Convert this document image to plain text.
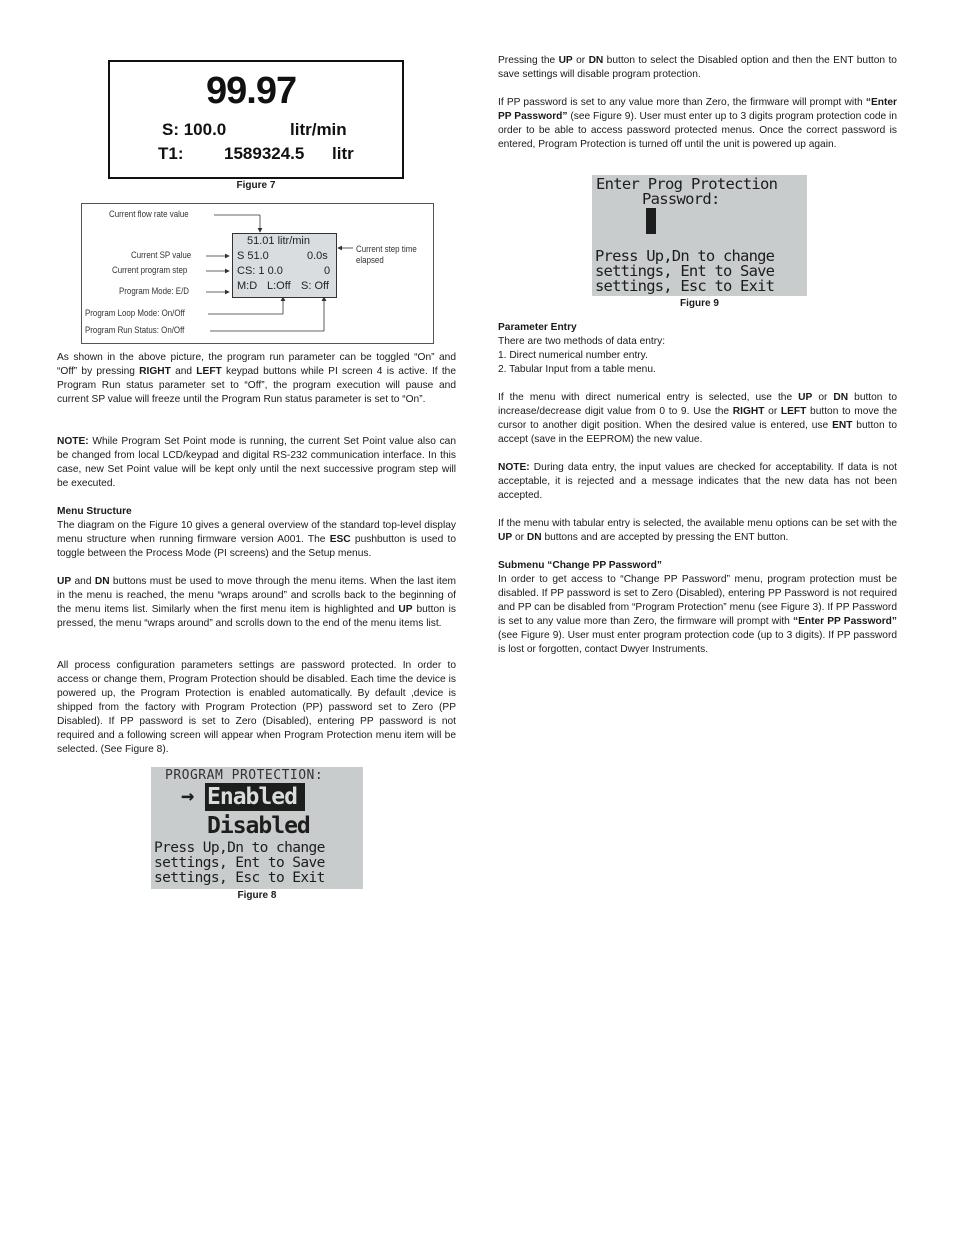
99.97
S: 100.0	litr/min
T1: 1589324.5 litr
Figure 7
51.01 litr/min
S 51.0	0.0s
CS: 1 0.0	0
M:D L:Off S: Off
Current flow rate value
Current SP value
Current program step
Program Mode: E/D
Program Loop Mode: On/Off
Program Run Status: On/Off
Current step time
elapsed

As shown in the above picture, the program run parameter can be toggled “On” and “Off” by pressing RIGHT and LEFT keypad buttons while PI screen 4 is active. If the Program Run status parameter set to “Off”, the program execution will pause and current SP value will freeze until the Program Run status parameter is set to “On”.

NOTE: While Program Set Point mode is running, the current Set Point value also can be changed from local LCD/keypad and digital RS-232 communication interface. In this case, new Set Point value will be kept only until the next successive program step will be executed.

Menu Structure

The diagram on the Figure 10 gives a general overview of the standard top-level display menu structure when running firmware version A001. The ESC pushbutton is used to toggle between the Process Mode (PI screens) and the Setup menus.

UP and DN buttons must be used to move through the menu items. When the last item in the menu is reached, the menu “wraps around” and scrolls back to the beginning of the menu items list. Similarly when the first menu item is highlighted and UP button is pressed, the menu “wraps around” and scrolls down to the end of the menu items list.

All process configuration parameters settings are password protected. In order to access or change them, Program Protection should be disabled. Each time the device is powered up, the Program Protection is enabled automatically. By default ,device is shipped from the factory with Program Protection (PP) password set to Zero (PP Disabled). If PP password is set to Zero (Disabled), entering PP password is not required and a following screen will appear when Program Protection menu item will be selected. (See Figure 8).

PROGRAM PROTECTION:
→ Enabled
Disabled
Press Up,Dn to change
settings, Ent to Save
settings, Esc to Exit
Figure 8

Pressing the UP or DN button to select the Disabled option and then the ENT button to save settings will disable program protection.

If PP password is set to any value more than Zero, the firmware will prompt with “Enter PP Password” (see Figure 9). User must enter up to 3 digits program protection code in order to be able to access password protected menus. Once the correct password is entered, Program Protection is turned off until the unit is powered up again.

Parameter Entry
There are two methods of data entry:
1. Direct numerical number entry.
2. Tabular Input from a table menu.

If the menu with direct numerical entry is selected, use the UP or DN button to increase/decrease digit value from 0 to 9. Use the RIGHT or LEFT button to move the cursor to another digit position. When the desired value is entered, use ENT button to accept (save in the EEPROM) the new value.

NOTE: During data entry, the input values are checked for acceptability. If data is not acceptable, it is rejected and a message indicates that the new data has not been accepted.

If the menu with tabular entry is selected, the available menu options can be set with the UP or DN buttons and are accepted by pressing the ENT button.

Submenu “Change PP Password”

In order to get access to “Change PP Password” menu, program protection must be disabled. If PP password is set to Zero (Disabled), entering PP Password is not required and PP can be disabled from “Program Protection” menu (see Figure 3). If PP Password is set to any value more than Zero, the firmware will prompt with “Enter PP Password” (see Figure 9). User must enter program protection code (up to 3 digits). If PP password is lost or forgotten, contact Dwyer Instruments.

Enter Prog Protection
Password:
Press Up,Dn to change
settings, Ent to Save
settings, Esc to Exit
Figure 9
